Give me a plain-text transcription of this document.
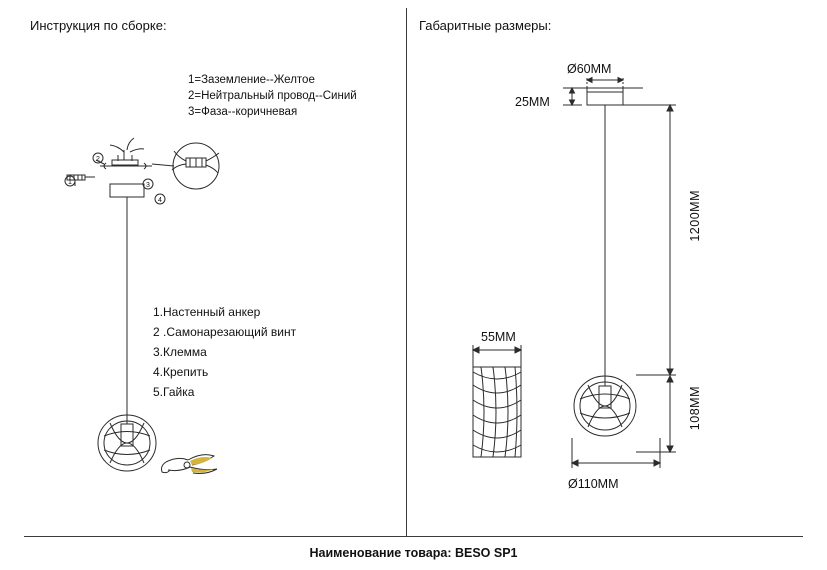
Инструкция по сборке:	Габаритные размеры:
1=Заземление--Желтое
2=Нейтральный провод--Синий
3=Фаза--коричневая
1.Настенный анкер
2 .Самонарезающий винт
3.Клемма
4.Крепить
5.Гайка
Ø60MM
25MM
55MM
Ø110MM
1200MM
108MM
1
2
3
4
Наименование товара: BESO SP1
